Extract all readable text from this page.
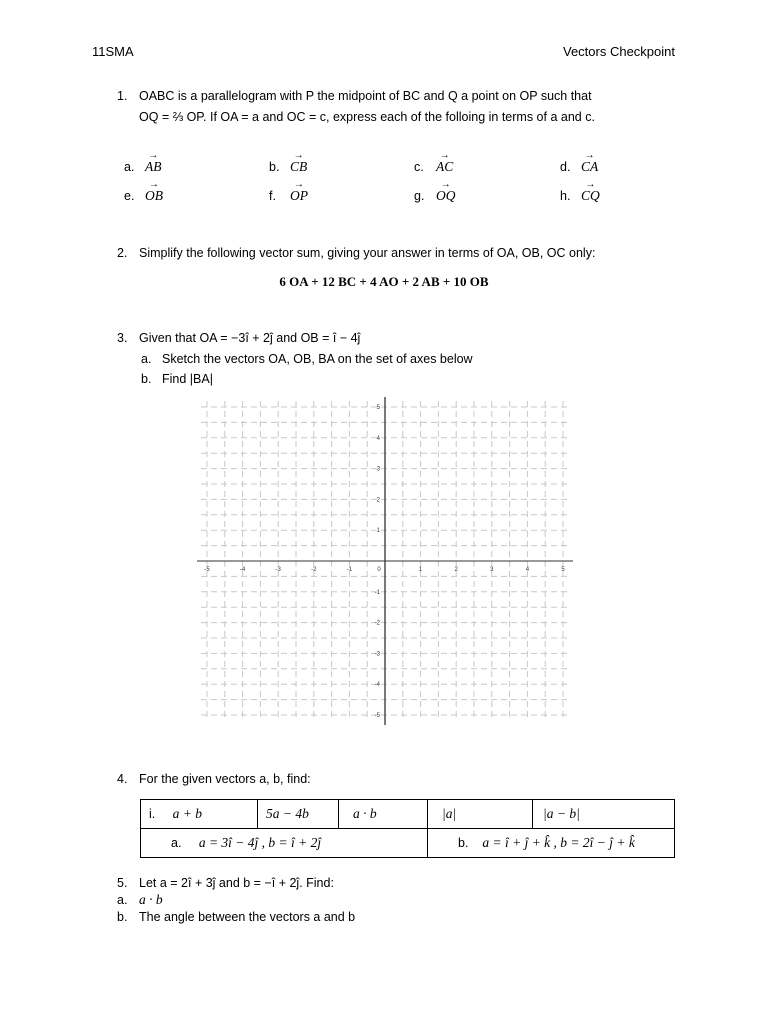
11SMA	Vectors Checkpoint
1. OABC is a parallelogram with P the midpoint of BC and Q a point on OP such that
OQ = ⅔ OP. If OA = a and OC = c, express each of the folloing in terms of a and c.
a. → AB	b. → CB	c. → AC	d. → CA
e. → OB	f. → OP	g. → OQ	h. → CQ
2. Simplify the following vector sum, giving your answer in terms of OA, OB, OC only:
6 OA + 12 BC + 4 AO + 2 AB + 10 OB
3. Given that OA = −3î + 2ĵ and OB = î − 4ĵ
a. Sketch the vectors OA, OB, BA on the set of axes below
b. Find |BA|
-5	-4	-3	-2	-1	0	1	2	3	4	5
-5
-4
-3
-2
-1
1
2
3
4
5
4. For the given vectors a, b, find:
i. a + b	5a − 4b	a · b	|a|	|a − b|
a. a = 3î − 4ĵ , b = î + 2ĵ			b. a = î + ĵ + k̂ , b = 2î − ĵ + k̂	
5. Let a = 2î + 3ĵ and b = −î + 2ĵ. Find:
a. a · b
b. The angle between the vectors a and b
